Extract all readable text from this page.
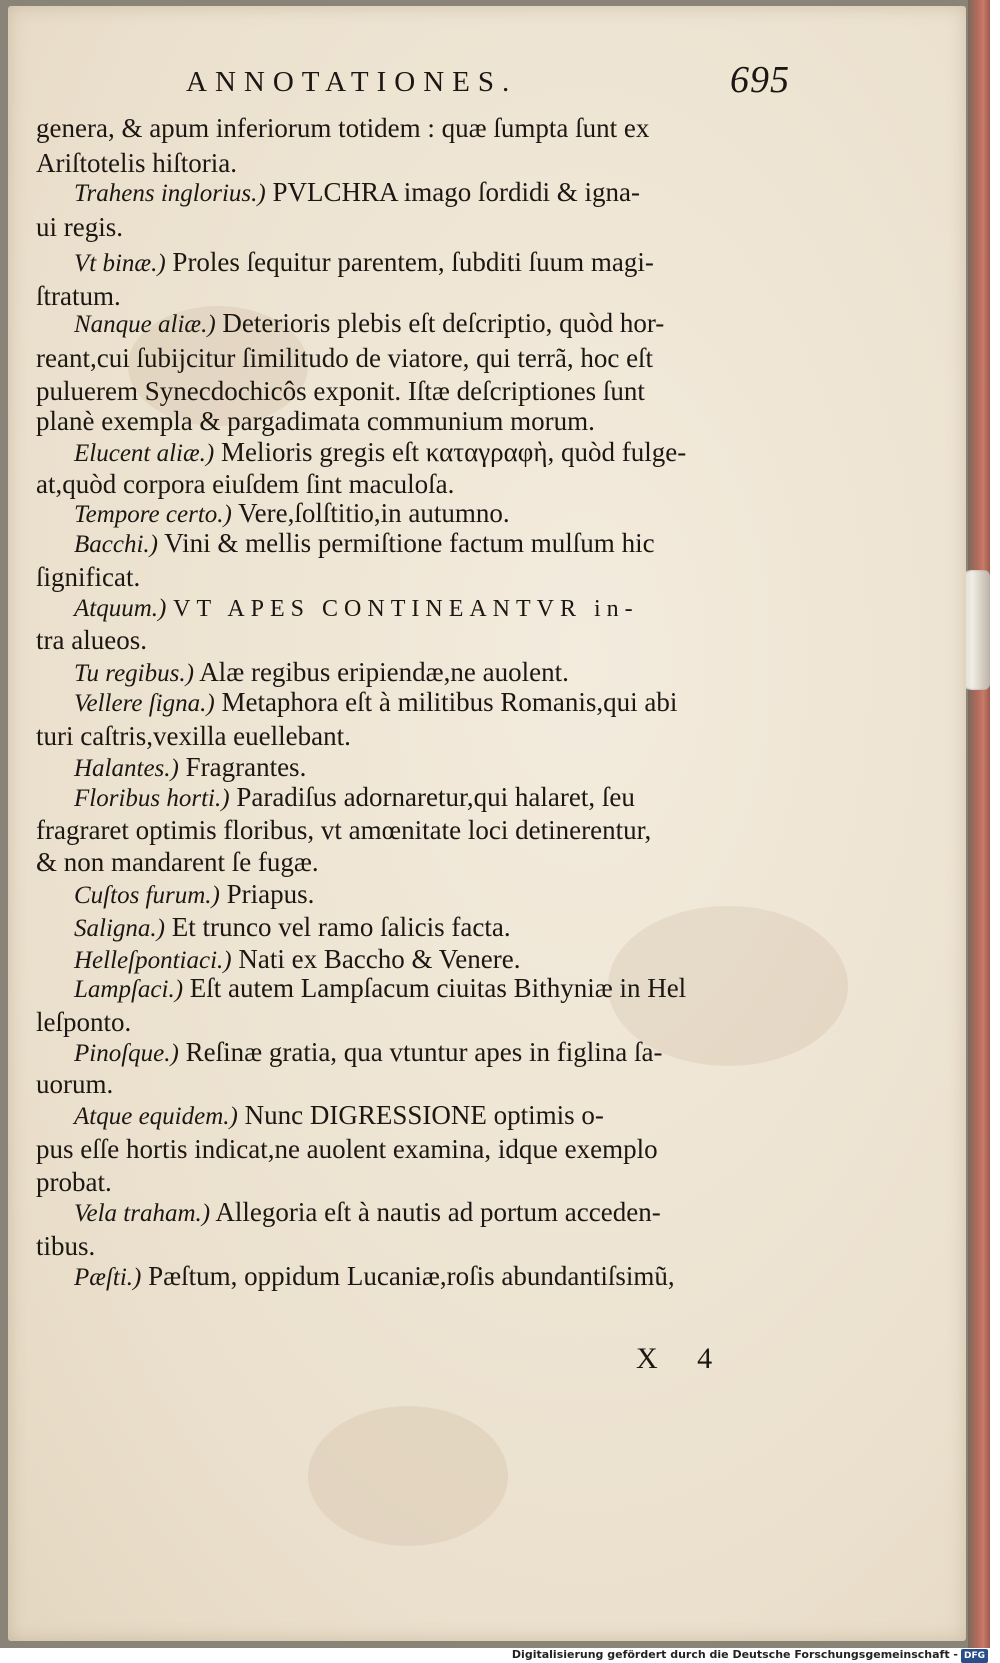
ANNOTATIONES.	695
genera, & apum inferiorum totidem : quæ ſumpta ſunt ex
Ariſtotelis hiſtoria.
Trahens inglorius.) PVLCHRA imago ſordidi & igna-
ui regis.
Vt binæ.) Proles ſequitur parentem, ſubditi ſuum magi-
ſtratum.
Nanque aliæ.) Deterioris plebis eſt deſcriptio, quòd hor-
reant,cui ſubijcitur ſimilitudo de viatore, qui terrã, hoc eſt
puluerem Synecdochicôs exponit. Iſtæ deſcriptiones ſunt
planè exempla & pargadimata communium morum.
Elucent aliæ.) Melioris gregis eſt καταγραφὴ, quòd fulge-
at,quòd corpora eiuſdem ſint maculoſa.
Tempore certo.) Vere,ſolſtitio,in autumno.
Bacchi.) Vini & mellis permiſtione factum mulſum hic
ſignificat.
Atquum.) VT APES CONTINEANTVR in-
tra alueos.
Tu regibus.) Alæ regibus eripiendæ,ne auolent.
Vellere ſigna.) Metaphora eſt à militibus Romanis,qui abi
turi caſtris,vexilla euellebant.
Halantes.) Fragrantes.
Floribus horti.) Paradiſus adornaretur,qui halaret, ſeu
fragraret optimis floribus, vt amœnitate loci detinerentur,
& non mandarent ſe fugæ.
Cuſtos furum.) Priapus.
Saligna.) Et trunco vel ramo ſalicis facta.
Helleſpontiaci.) Nati ex Baccho & Venere.
Lampſaci.) Eſt autem Lampſacum ciuitas Bithyniæ in Hel
leſponto.
Pinoſque.) Reſinæ gratia, qua vtuntur apes in figlina ſa-
uorum.
Atque equidem.) Nunc DIGRESSIONE optimis o-
pus eſſe hortis indicat,ne auolent examina, idque exemplo
probat.
Vela traham.) Allegoria eſt à nautis ad portum acceden-
tibus.
Pæſti.) Pæſtum, oppidum Lucaniæ,roſis abundantiſsimũ,
X 4
Digitalisierung gefördert durch die Deutsche Forschungsgemeinschaft - DFG
